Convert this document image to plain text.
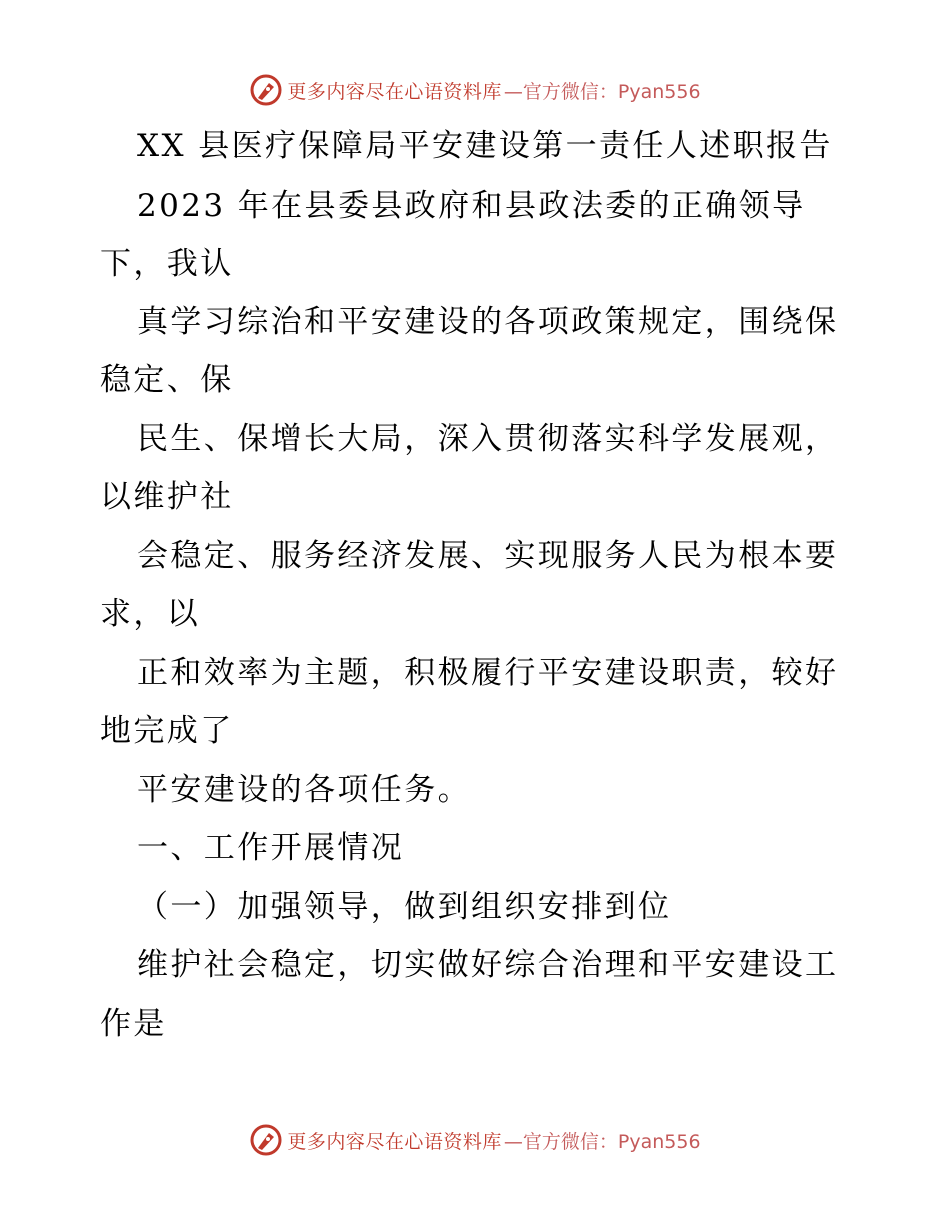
更多内容尽在心语资料库 —官方微信：Pyan556
XX 县医疗保障局平安建设第一责任人述职报告
2023 年在县委县政府和县政法委的正确领导
下，我认
真学习综治和平安建设的各项政策规定，围绕保
稳定、保
民生、保增长大局，深入贯彻落实科学发展观，
以维护社
会稳定、服务经济发展、实现服务人民为根本要
求，以
正和效率为主题，积极履行平安建设职责，较好
地完成了
平安建设的各项任务。
一、工作开展情况
（一）加强领导，做到组织安排到位
维护社会稳定，切实做好综合治理和平安建设工
作是
更多内容尽在心语资料库 —官方微信：Pyan556
